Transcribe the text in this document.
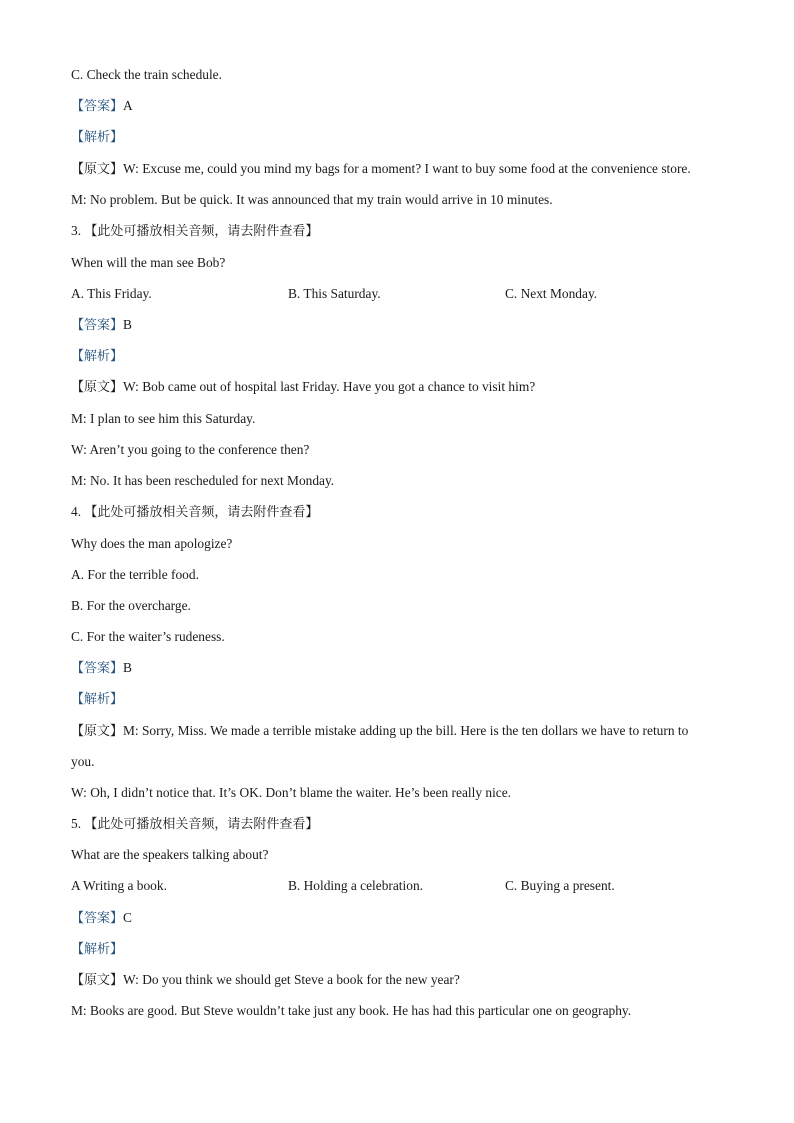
C. Check the train schedule.
【答案】A
【解析】
【原文】W: Excuse me, could you mind my bags for a moment? I want to buy some food at the convenience store.
M: No problem. But be quick. It was announced that my train would arrive in 10 minutes.
3. 【此处可播放相关音频，请去附件查看】
When will the man see Bob?
A. This Friday.	B. This Saturday.	C. Next Monday.
【答案】B
【解析】
【原文】W: Bob came out of hospital last Friday. Have you got a chance to visit him?
M: I plan to see him this Saturday.
W: Aren’t you going to the conference then?
M: No. It has been rescheduled for next Monday.
4. 【此处可播放相关音频，请去附件查看】
Why does the man apologize?
A. For the terrible food.
B. For the overcharge.
C. For the waiter’s rudeness.
【答案】B
【解析】
【原文】M: Sorry, Miss. We made a terrible mistake adding up the bill. Here is the ten dollars we have to return to
you.
W: Oh, I didn’t notice that. It’s OK. Don’t blame the waiter. He’s been really nice.
5. 【此处可播放相关音频，请去附件查看】
What are the speakers talking about?
A Writing a book.	B. Holding a celebration.	C. Buying a present.
【答案】C
【解析】
【原文】W: Do you think we should get Steve a book for the new year?
M: Books are good. But Steve wouldn’t take just any book. He has had this particular one on geography.
